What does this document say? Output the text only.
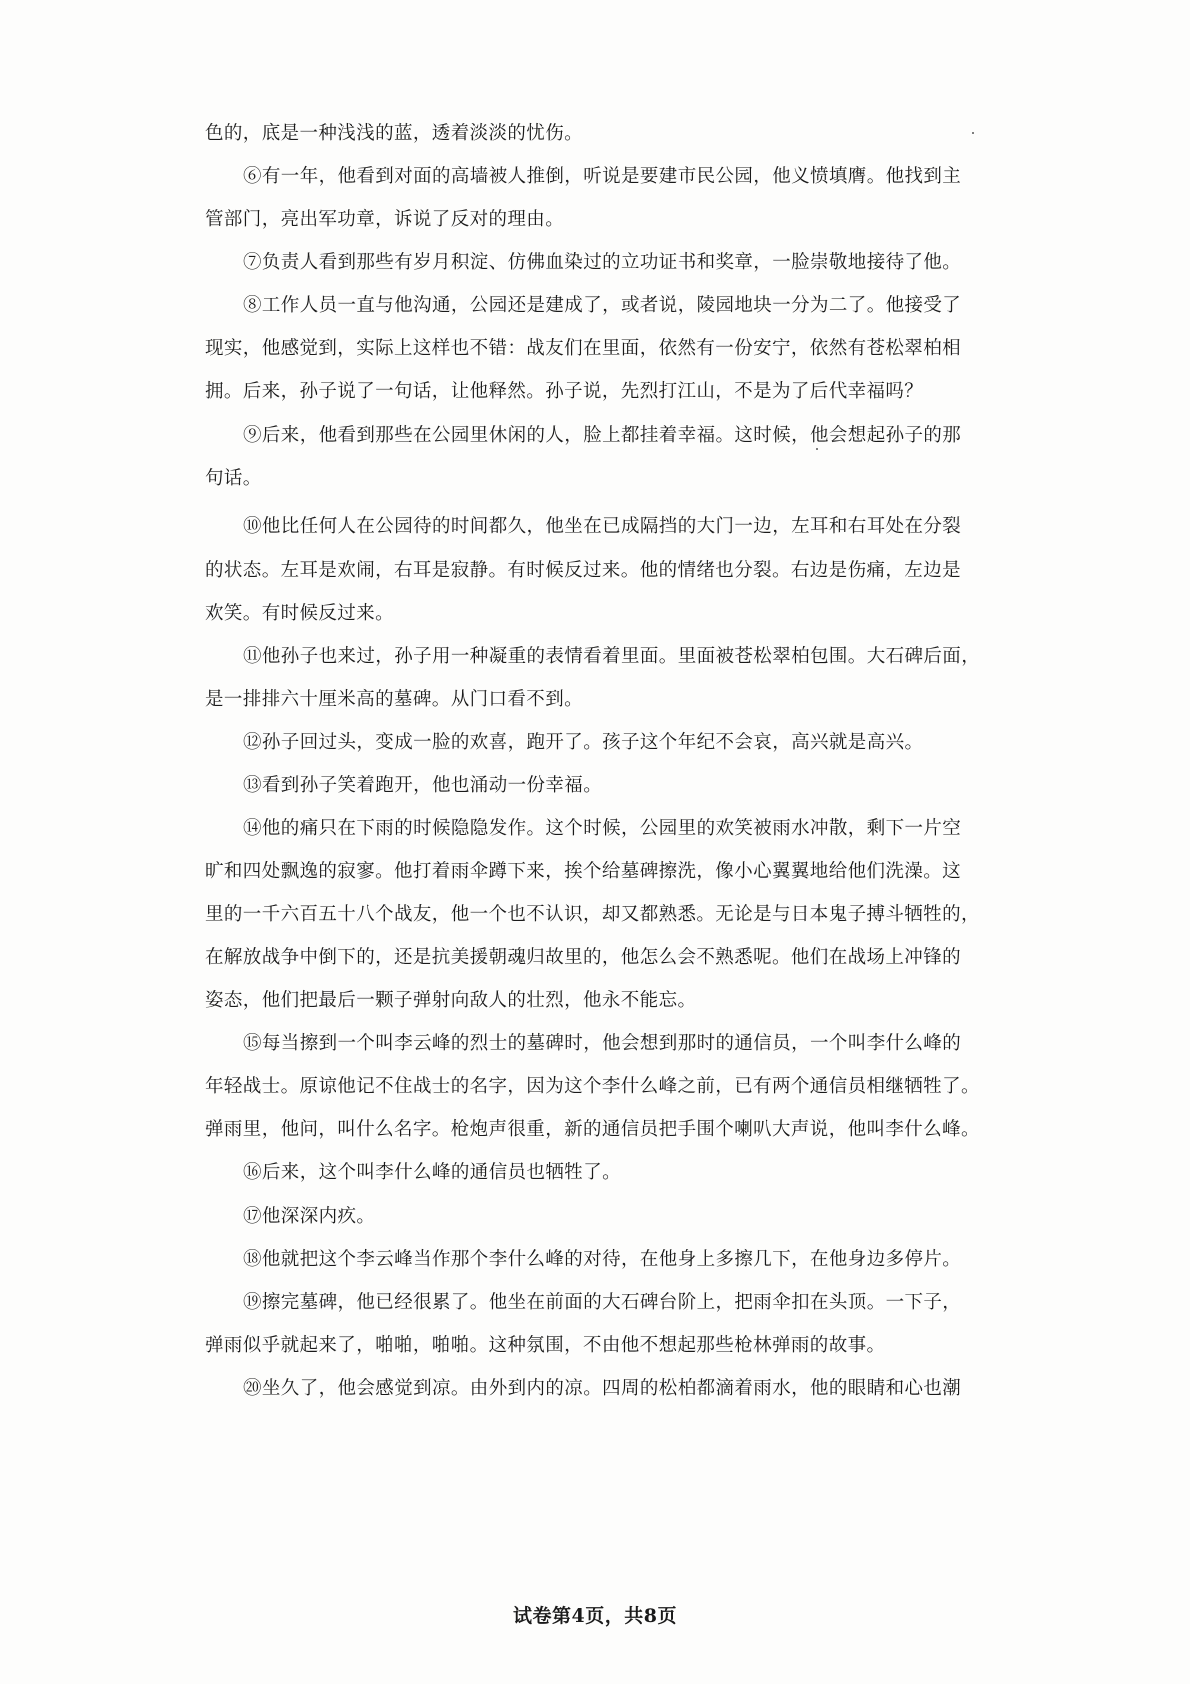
色的，底是一种浅浅的蓝，透着淡淡的忧伤。
⑥有一年，他看到对面的高墙被人推倒，听说是要建市民公园，他义愤填膺。他找到主
管部门，亮出军功章，诉说了反对的理由。
⑦负责人看到那些有岁月积淀、仿佛血染过的立功证书和奖章，一脸崇敬地接待了他。
⑧工作人员一直与他沟通，公园还是建成了，或者说，陵园地块一分为二了。他接受了
现实，他感觉到，实际上这样也不错：战友们在里面，依然有一份安宁，依然有苍松翠柏相
拥。后来，孙子说了一句话，让他释然。孙子说，先烈打江山，不是为了后代幸福吗？
⑨后来，他看到那些在公园里休闲的人，脸上都挂着幸福。这时候，他会想起孙子的那
句话。
⑩他比任何人在公园待的时间都久，他坐在已成隔挡的大门一边，左耳和右耳处在分裂
的状态。左耳是欢闹，右耳是寂静。有时候反过来。他的情绪也分裂。右边是伤痛，左边是
欢笑。有时候反过来。
⑪他孙子也来过，孙子用一种凝重的表情看着里面。里面被苍松翠柏包围。大石碑后面，
是一排排六十厘米高的墓碑。从门口看不到。
⑫孙子回过头，变成一脸的欢喜，跑开了。孩子这个年纪不会哀，高兴就是高兴。
⑬看到孙子笑着跑开，他也涌动一份幸福。
⑭他的痛只在下雨的时候隐隐发作。这个时候，公园里的欢笑被雨水冲散，剩下一片空
旷和四处飘逸的寂寥。他打着雨伞蹲下来，挨个给墓碑擦洗，像小心翼翼地给他们洗澡。这
里的一千六百五十八个战友，他一个也不认识，却又都熟悉。无论是与日本鬼子搏斗牺牲的，
在解放战争中倒下的，还是抗美援朝魂归故里的，他怎么会不熟悉呢。他们在战场上冲锋的
姿态，他们把最后一颗子弹射向敌人的壮烈，他永不能忘。
⑮每当擦到一个叫李云峰的烈士的墓碑时，他会想到那时的通信员，一个叫李什么峰的
年轻战士。原谅他记不住战士的名字，因为这个李什么峰之前，已有两个通信员相继牺牲了。
弹雨里，他问，叫什么名字。枪炮声很重，新的通信员把手围个喇叭大声说，他叫李什么峰。
⑯后来，这个叫李什么峰的通信员也牺牲了。
⑰他深深内疚。
⑱他就把这个李云峰当作那个李什么峰的对待，在他身上多擦几下，在他身边多停片。
⑲擦完墓碑，他已经很累了。他坐在前面的大石碑台阶上，把雨伞扣在头顶。一下子，
弹雨似乎就起来了，啪啪，啪啪。这种氛围，不由他不想起那些枪林弹雨的故事。
⑳坐久了，他会感觉到凉。由外到内的凉。四周的松柏都滴着雨水，他的眼睛和心也潮
试卷第4页，共8页
